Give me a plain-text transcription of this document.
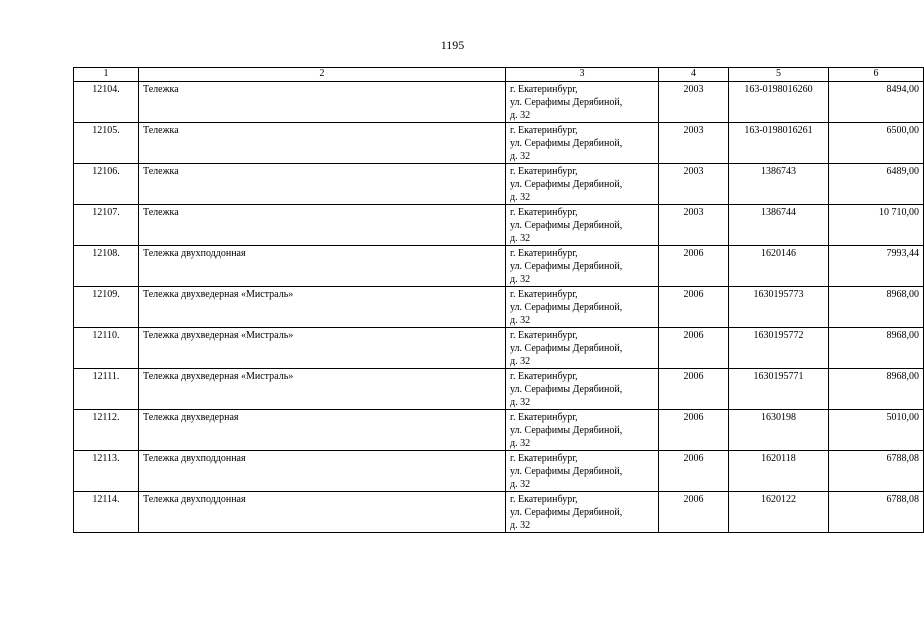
1195
1	2	3	4	5	6
12104.	Тележка	г. Екатеринбург,
ул. Серафимы Дерябиной,
д. 32	2003	163-0198016260	8494,00
12105.	Тележка	г. Екатеринбург,
ул. Серафимы Дерябиной,
д. 32	2003	163-0198016261	6500,00
12106.	Тележка	г. Екатеринбург,
ул. Серафимы Дерябиной,
д. 32	2003	1386743	6489,00
12107.	Тележка	г. Екатеринбург,
ул. Серафимы Дерябиной,
д. 32	2003	1386744	10 710,00
12108.	Тележка двухподдонная	г. Екатеринбург,
ул. Серафимы Дерябиной,
д. 32	2006	1620146	7993,44
12109.	Тележка двухведерная «Мистраль»	г. Екатеринбург,
ул. Серафимы Дерябиной,
д. 32	2006	1630195773	8968,00
12110.	Тележка двухведерная «Мистраль»	г. Екатеринбург,
ул. Серафимы Дерябиной,
д. 32	2006	1630195772	8968,00
12111.	Тележка двухведерная «Мистраль»	г. Екатеринбург,
ул. Серафимы Дерябиной,
д. 32	2006	1630195771	8968,00
12112.	Тележка двухведерная	г. Екатеринбург,
ул. Серафимы Дерябиной,
д. 32	2006	1630198	5010,00
12113.	Тележка двухподдонная	г. Екатеринбург,
ул. Серафимы Дерябиной,
д. 32	2006	1620118	6788,08
12114.	Тележка двухподдонная	г. Екатеринбург,
ул. Серафимы Дерябиной,
д. 32	2006	1620122	6788,08
